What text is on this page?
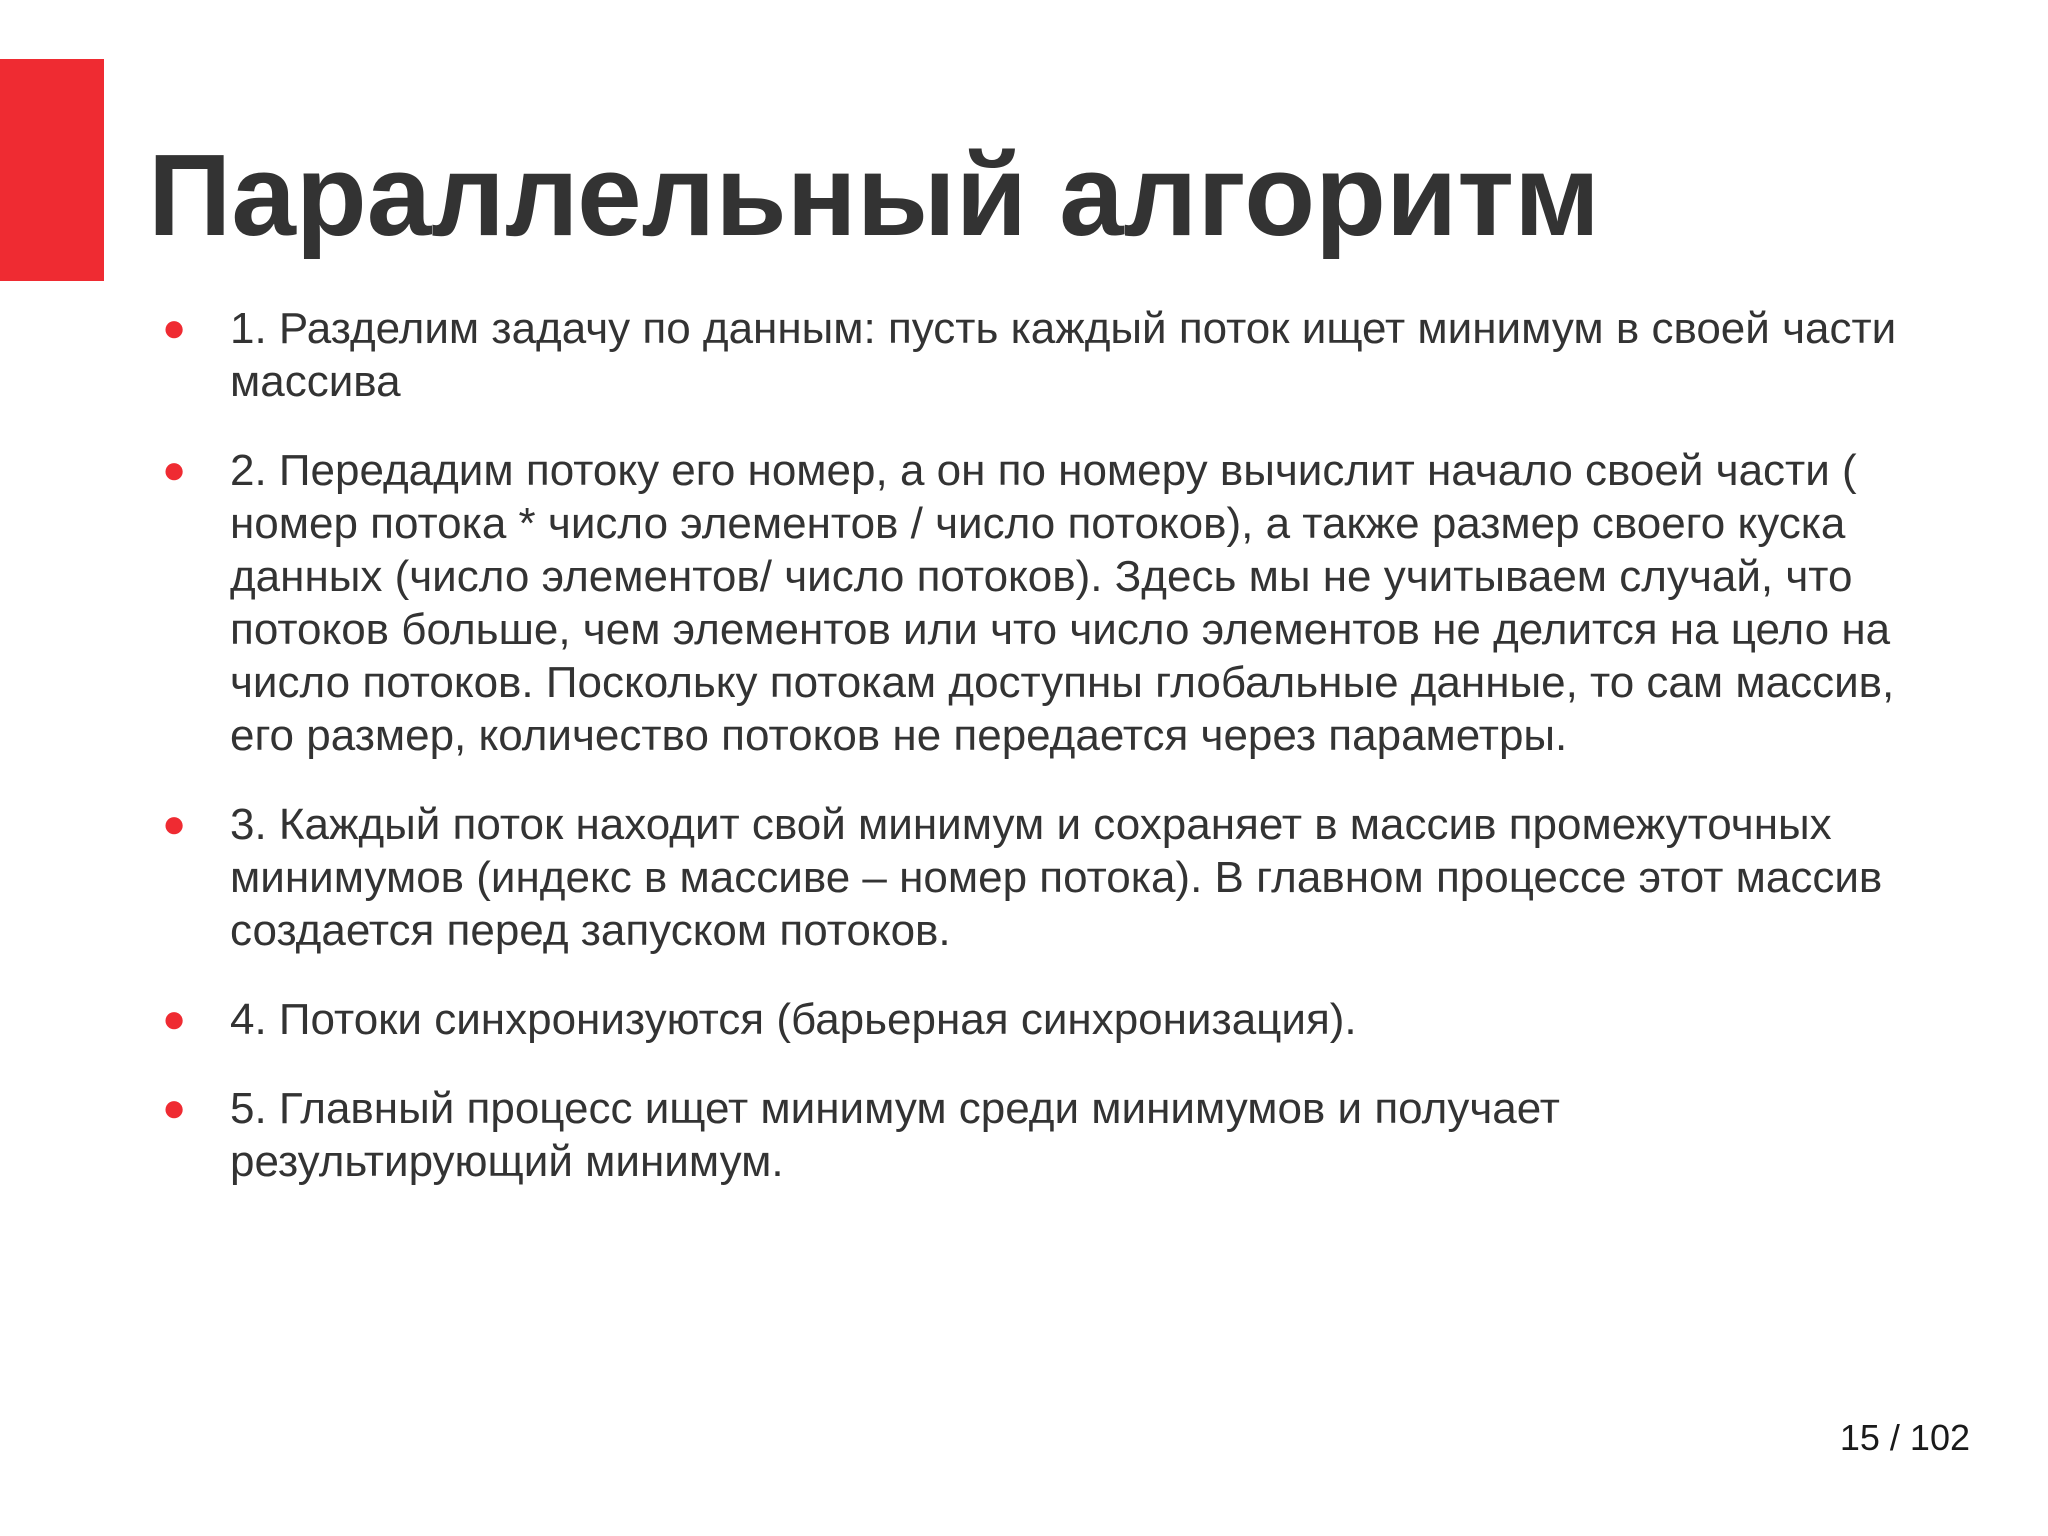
Параллельный алгоритм
● 1. Разделим задачу по данным: пусть каждый поток ищет минимум в своей части массива
● 2. Передадим потоку его номер, а он по номеру вычислит начало своей части ( номер потока * число элементов / число потоков), а также размер своего куска данных (число элементов/ число потоков). Здесь мы не учитываем случай, что потоков больше, чем элементов или что число элементов не делится на цело на число потоков. Поскольку потокам доступны глобальные данные, то сам массив, его размер, количество потоков не передается через параметры.
● 3. Каждый поток находит свой минимум и сохраняет в массив промежуточных минимумов (индекс в массиве – номер потока). В главном процессе этот массив создается перед запуском потоков.
● 4. Потоки синхронизуются (барьерная синхронизация).
● 5. Главный процесс ищет минимум среди минимумов и получает результирующий минимум.
15 / 102
